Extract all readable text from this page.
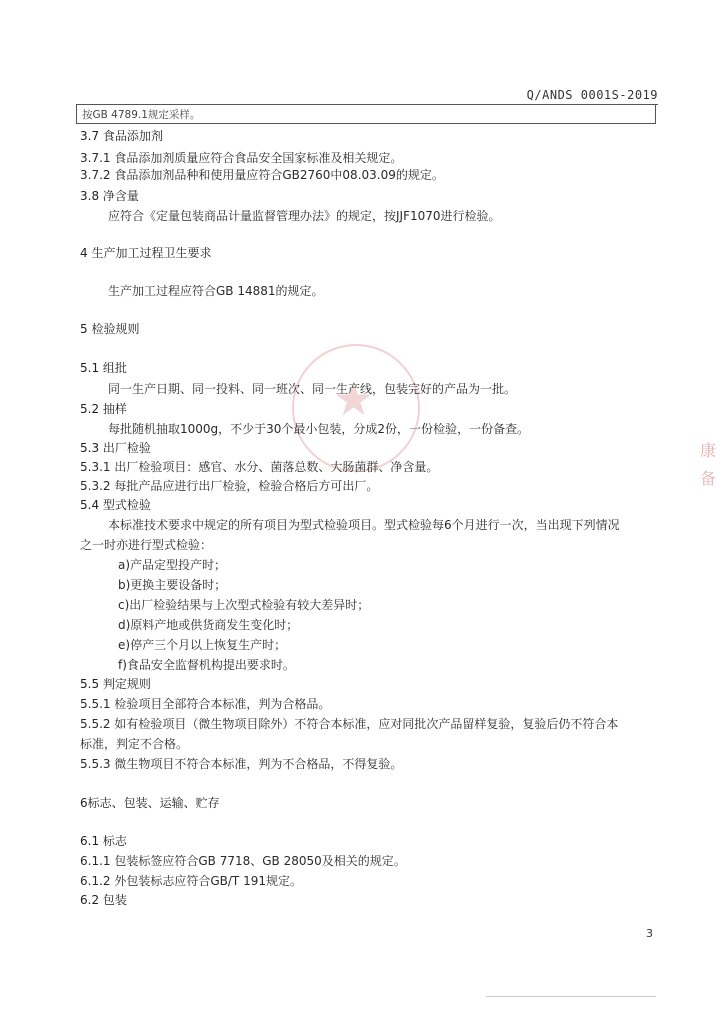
Q/ANDS 0001S-2019
按GB 4789.1规定采样。
★
3.7 食品添加剂
3.7.1 食品添加剂质量应符合食品安全国家标准及相关规定。
3.7.2 食品添加剂品种和使用量应符合GB2760中08.03.09的规定。
3.8 净含量
应符合《定量包装商品计量监督管理办法》的规定，按JJF1070进行检验。
4 生产加工过程卫生要求
生产加工过程应符合GB 14881的规定。
5 检验规则
5.1 组批
同一生产日期、同一投料、同一班次、同一生产线，包装完好的产品为一批。
5.2 抽样
每批随机抽取1000g，不少于30个最小包装，分成2份，一份检验，一份备查。
5.3 出厂检验
5.3.1 出厂检验项目：感官、水分、菌落总数、大肠菌群、净含量。
5.3.2 每批产品应进行出厂检验，检验合格后方可出厂。
5.4 型式检验
本标准技术要求中规定的所有项目为型式检验项目。型式检验每6个月进行一次，当出现下列情况
之一时亦进行型式检验：
a)产品定型投产时；
b)更换主要设备时；
c)出厂检验结果与上次型式检验有较大差异时；
d)原料产地或供货商发生变化时；
e)停产三个月以上恢复生产时；
f)食品安全监督机构提出要求时。
5.5 判定规则
5.5.1 检验项目全部符合本标准，判为合格品。
5.5.2 如有检验项目（微生物项目除外）不符合本标准，应对同批次产品留样复验，复验后仍不符合本
标准，判定不合格。
5.5.3 微生物项目不符合本标准，判为不合格品，不得复验。
6标志、包装、运输、贮存
6.1 标志
6.1.1 包装标签应符合GB 7718、GB 28050及相关的规定。
6.1.2 外包装标志应符合GB/T 191规定。
6.2 包装
康
备
3
